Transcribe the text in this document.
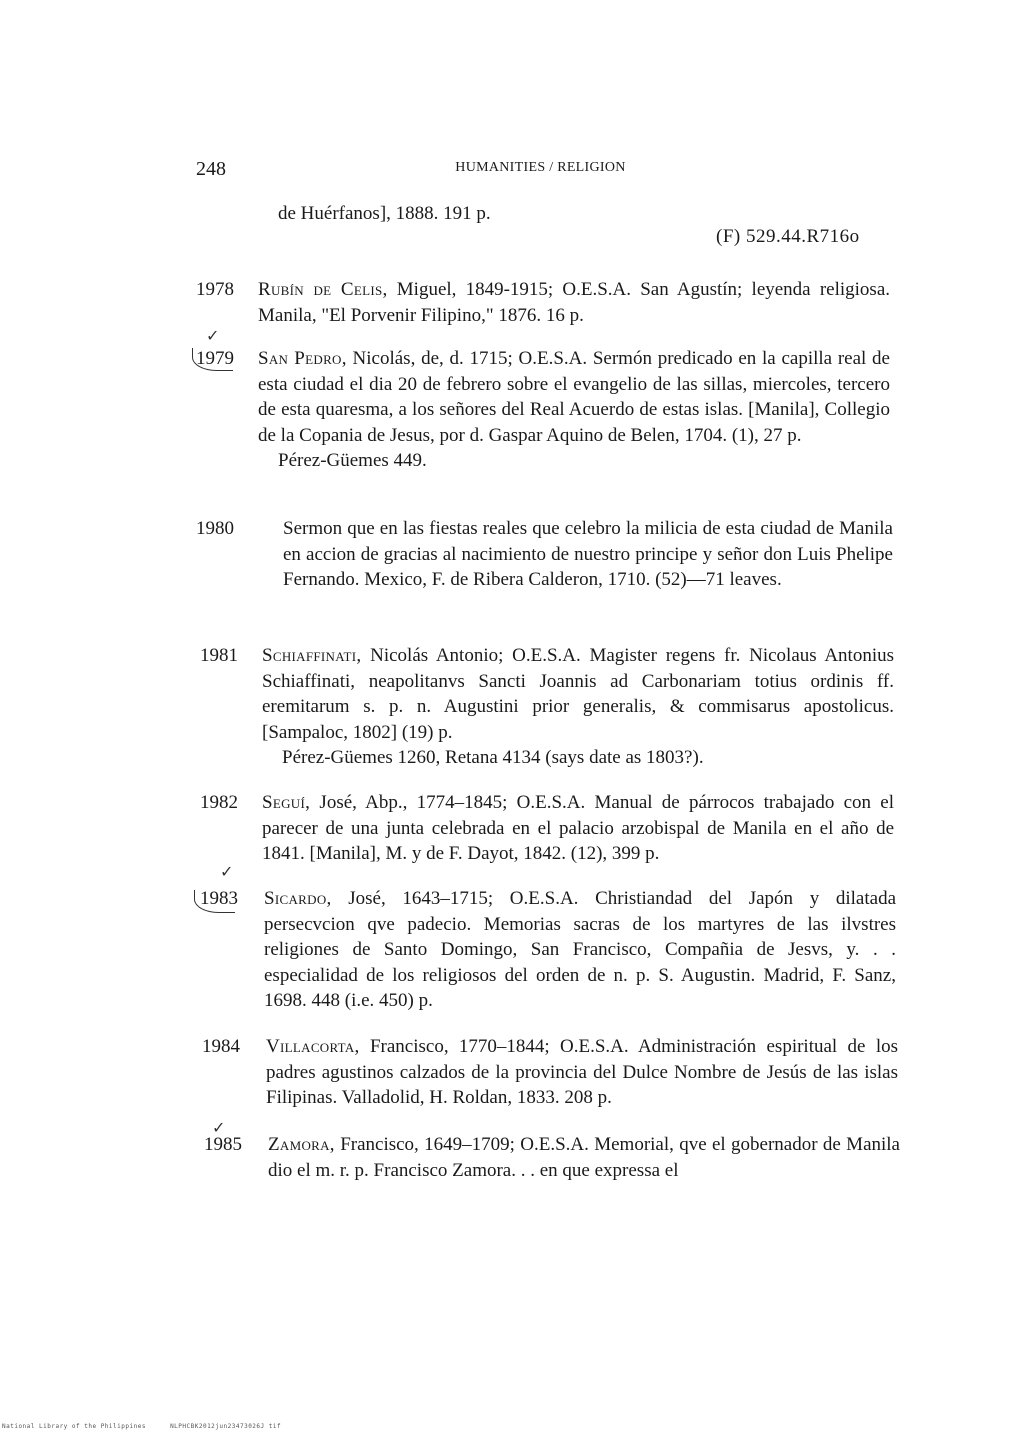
248	HUMANITIES / RELIGION
de Huérfanos], 1888. 191 p.
(F) 529.44.R716o
1978 Rubín de Celis, Miguel, 1849-1915; O.E.S.A. San Agustín; leyenda religiosa. Manila, "El Porvenir Filipino," 1876. 16 p.
✓
1979 San Pedro, Nicolás, de, d. 1715; O.E.S.A. Sermón predicado en la capilla real de esta ciudad el dia 20 de febrero sobre el evangelio de las sillas, miercoles, tercero de esta quaresma, a los señores del Real Acuerdo de estas islas. [Manila], Collegio de la Copania de Jesus, por d. Gaspar Aquino de Belen, 1704. (1), 27 p.
Pérez-Güemes 449.
1980	Sermon que en las fiestas reales que celebro la milicia de esta ciudad de Manila en accion de gracias al nacimiento de nuestro principe y señor don Luis Phelipe Fernando. Mexico, F. de Ribera Calderon, 1710. (52)—71 leaves.
1981 Schiaffinati, Nicolás Antonio; O.E.S.A. Magister regens fr. Nicolaus Antonius Schiaffinati, neapolitanvs Sancti Joannis ad Carbonariam totius ordinis ff. eremitarum s. p. n. Augustini prior generalis, & commisarus apostolicus. [Sampaloc, 1802] (19) p.
Pérez-Güemes 1260, Retana 4134 (says date as 1803?).
1982 Seguí, José, Abp., 1774–1845; O.E.S.A. Manual de párrocos trabajado con el parecer de una junta celebrada en el palacio arzobispal de Manila en el año de 1841. [Manila], M. y de F. Dayot, 1842. (12), 399 p.
✓
1983 Sicardo, José, 1643–1715; O.E.S.A. Christiandad del Japón y dilatada persecvcion qve padecio. Memorias sacras de los martyres de las ilvstres religiones de Santo Domingo, San Francisco, Compañia de Jesvs, y. . . especialidad de los religiosos del orden de n. p. S. Augustin. Madrid, F. Sanz, 1698. 448 (i.e. 450) p.
1984 Villacorta, Francisco, 1770–1844; O.E.S.A. Administración espiritual de los padres agustinos calzados de la provincia del Dulce Nombre de Jesús de las islas Filipinas. Valladolid, H. Roldan, 1833. 208 p.
✓
1985 Zamora, Francisco, 1649–1709; O.E.S.A. Memorial, qve el gobernador de Manila dio el m. r. p. Francisco Zamora. . . en que expressa el
National Library of the Philippines	NLPHCBK2012jun23473026J tif
